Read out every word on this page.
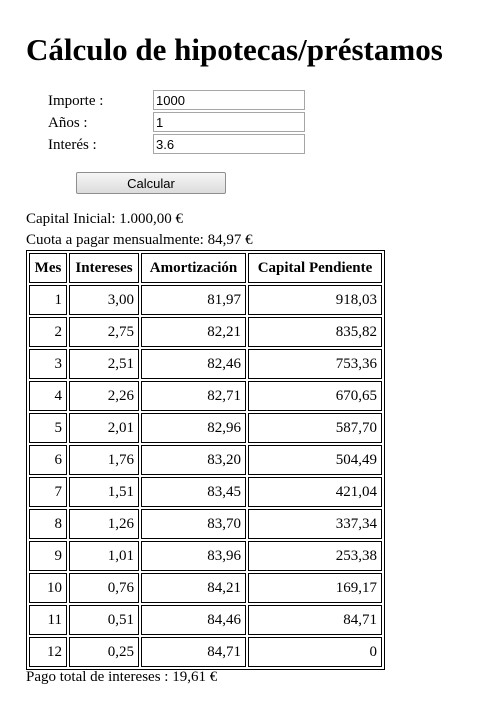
Cálculo de hipotecas/préstamos
Importe :
1000
Años :
1
Interés :
3.6
Calcular
Capital Inicial: 1.000,00 €
Cuota a pagar mensualmente: 84,97 €
Mes	Intereses	Amortización	Capital Pendiente
1	3,00	81,97	918,03
2	2,75	82,21	835,82
3	2,51	82,46	753,36
4	2,26	82,71	670,65
5	2,01	82,96	587,70
6	1,76	83,20	504,49
7	1,51	83,45	421,04
8	1,26	83,70	337,34
9	1,01	83,96	253,38
10	0,76	84,21	169,17
11	0,51	84,46	84,71
12	0,25	84,71	0
Pago total de intereses : 19,61 €
